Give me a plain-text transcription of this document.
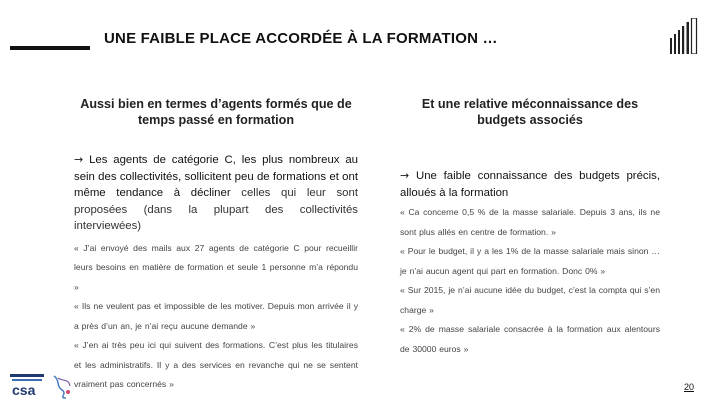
UNE FAIBLE PLACE ACCORDÉE À LA FORMATION …
Aussi bien en termes d’agents formés que de temps passé en formation

→ Les agents de catégorie C, les plus nombreux au sein des collectivités, sollicitent peu de formations et ont même tendance à décliner celles qui leur sont proposées (dans la plupart des collectivités interviewées)

« J’ai envoyé des mails aux 27 agents de catégorie C pour recueillir leurs besoins en matière de formation et seule 1 personne m’a répondu »

« Ils ne veulent pas et impossible de les motiver. Depuis mon arrivée il y a près d’un an, je n’ai reçu aucune demande »

« J’en ai très peu ici qui suivent des formations. C’est plus les titulaires et les administratifs. Il y a des services en revanche qui ne se sentent vraiment pas concernés »

Et une relative méconnaissance des budgets associés

→ Une faible connaissance des budgets précis, alloués à la formation

« Ca concerne 0,5 % de la masse salariale. Depuis 3 ans, ils ne sont plus allés en centre de formation. »

« Pour le budget, il y a les 1% de la masse salariale mais sinon … je n’ai aucun agent qui part en formation. Donc 0% »

« Sur 2015, je n’ai aucune idée du budget, c’est la compta qui s’en charge »

« 2% de masse salariale consacrée à la formation aux alentours de 30000 euros »

csa	20
